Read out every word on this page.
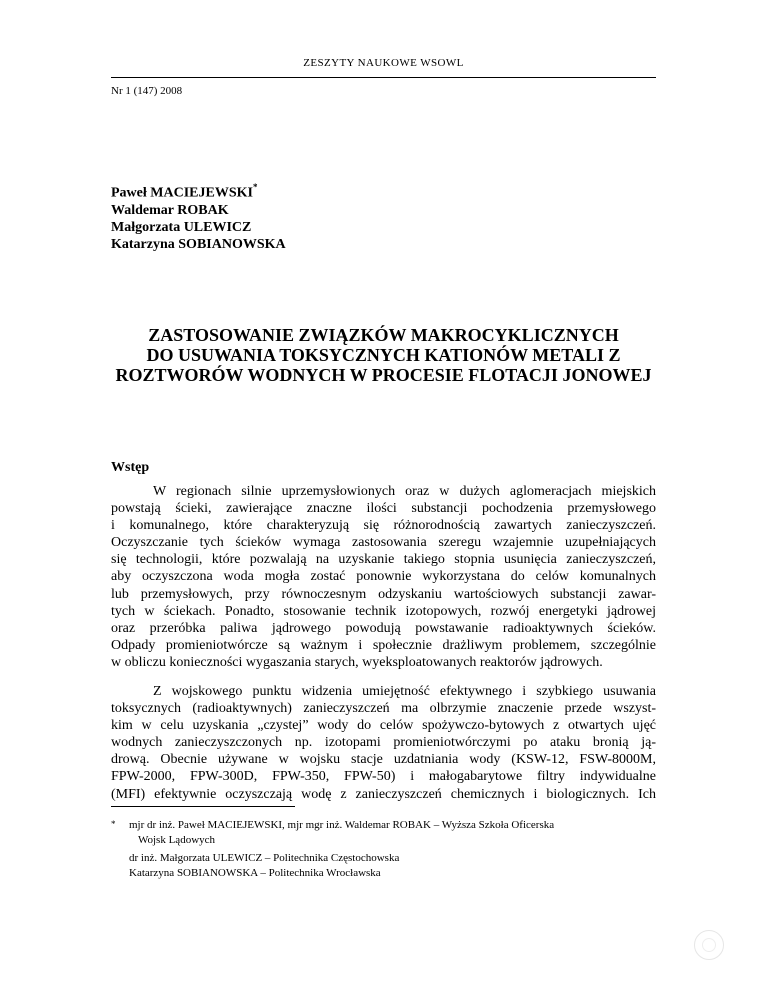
ZESZYTY NAUKOWE WSOWL
Nr 1 (147) 2008
Paweł MACIEJEWSKI*
Waldemar ROBAK
Małgorzata ULEWICZ
Katarzyna SOBIANOWSKA
ZASTOSOWANIE ZWIĄZKÓW MAKROCYKLICZNYCH
DO USUWANIA TOKSYCZNYCH KATIONÓW METALI Z
ROZTWORÓW WODNYCH W PROCESIE FLOTACJI JONOWEJ
Wstęp
W regionach silnie uprzemysłowionych oraz w dużych aglomeracjach miejskich
powstają ścieki, zawierające znaczne ilości substancji pochodzenia przemysłowego
i komunalnego, które charakteryzują się różnorodnością zawartych zanieczyszczeń.
Oczyszczanie tych ścieków wymaga zastosowania szeregu wzajemnie uzupełniających
się technologii, które pozwalają na uzyskanie takiego stopnia usunięcia zanieczyszczeń,
aby oczyszczona woda mogła zostać ponownie wykorzystana do celów komunalnych
lub przemysłowych, przy równoczesnym odzyskaniu wartościowych substancji zawar-
tych w ściekach. Ponadto, stosowanie technik izotopowych, rozwój energetyki jądrowej
oraz przeróbka paliwa jądrowego powodują powstawanie radioaktywnych ścieków.
Odpady promieniotwórcze są ważnym i społecznie drażliwym problemem, szczególnie
w obliczu konieczności wygaszania starych, wyeksploatowanych reaktorów jądrowych.
Z wojskowego punktu widzenia umiejętność efektywnego i szybkiego usuwania
toksycznych (radioaktywnych) zanieczyszczeń ma olbrzymie znaczenie przede wszyst-
kim w celu uzyskania „czystej” wody do celów spożywczo-bytowych z otwartych ujęć
wodnych zanieczyszczonych np. izotopami promieniotwórczymi po ataku bronią ją-
drową. Obecnie używane w wojsku stacje uzdatniania wody (KSW-12, FSW-8000M,
FPW-2000, FPW-300D, FPW-350, FPW-50) i małogabarytowe filtry indywidualne
(MFI) efektywnie oczyszczają wodę z zanieczyszczeń chemicznych i biologicznych. Ich
*	mjr dr inż. Paweł MACIEJEWSKI, mjr mgr inż. Waldemar ROBAK – Wyższa Szkoła Oficerska
Wojsk Lądowych
dr inż. Małgorzata ULEWICZ – Politechnika Częstochowska
Katarzyna SOBIANOWSKA – Politechnika Wrocławska
